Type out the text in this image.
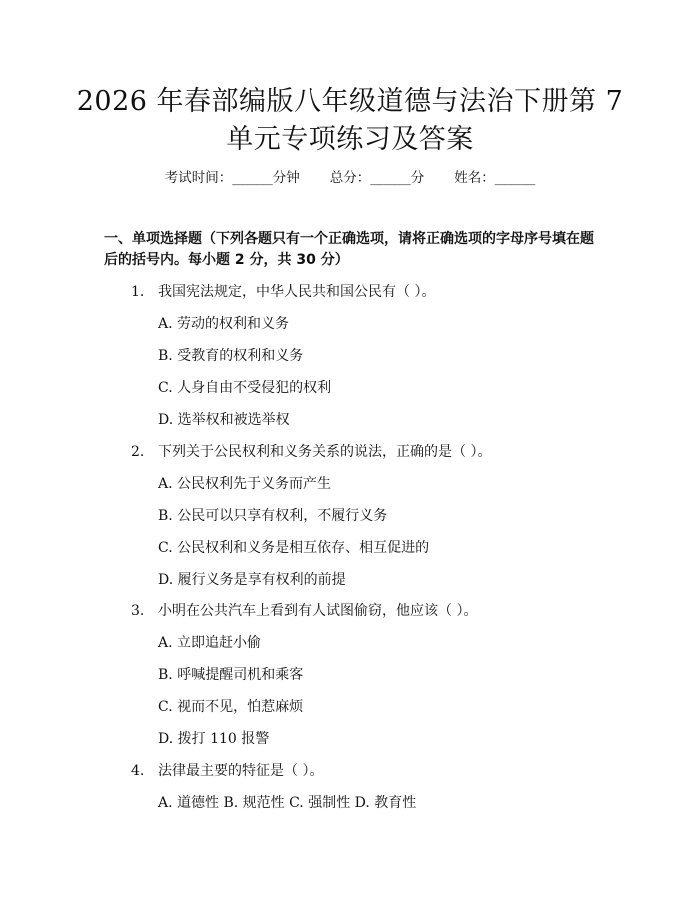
2026 年春部编版八年级道德与法治下册第 7
单元专项练习及答案
考试时间：______分钟 总分：______分 姓名：______
一、单项选择题（下列各题只有一个正确选项，请将正确选项的字母序号填在题
后的括号内。每小题 2 分，共 30 分）
1. 我国宪法规定，中华人民共和国公民有（ ）。
A. 劳动的权利和义务
B. 受教育的权利和义务
C. 人身自由不受侵犯的权利
D. 选举权和被选举权
2. 下列关于公民权利和义务关系的说法，正确的是（ ）。
A. 公民权利先于义务而产生
B. 公民可以只享有权利，不履行义务
C. 公民权利和义务是相互依存、相互促进的
D. 履行义务是享有权利的前提
3. 小明在公共汽车上看到有人试图偷窃，他应该（ ）。
A. 立即追赶小偷
B. 呼喊提醒司机和乘客
C. 视而不见，怕惹麻烦
D. 拨打 110 报警
4. 法律最主要的特征是（ ）。
A. 道德性 B. 规范性 C. 强制性 D. 教育性
